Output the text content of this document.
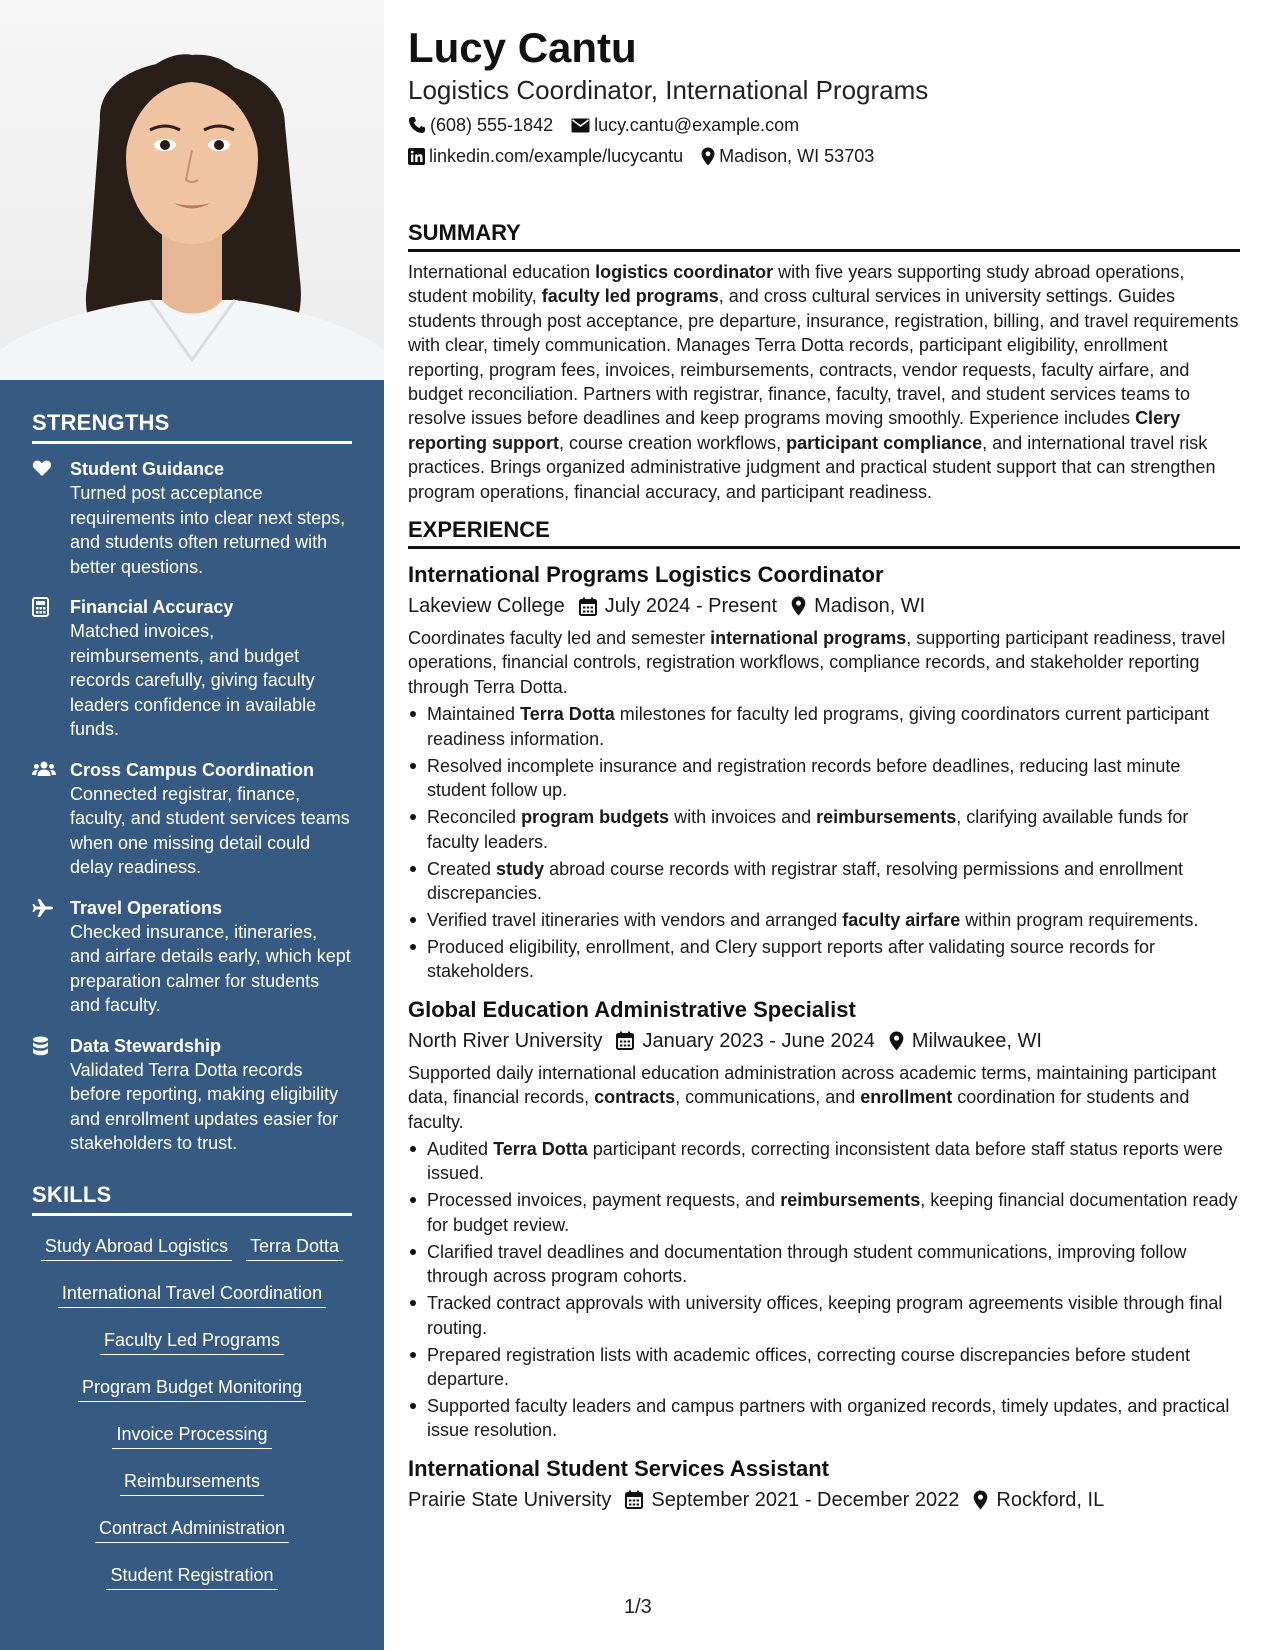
STRENGTHS
Student Guidance
Turned post acceptance requirements into clear next steps, and students often returned with better questions.
Financial Accuracy
Matched invoices, reimbursements, and budget records carefully, giving faculty leaders confidence in available funds.
Cross Campus Coordination
Connected registrar, finance, faculty, and student services teams when one missing detail could delay readiness.
Travel Operations
Checked insurance, itineraries, and airfare details early, which kept preparation calmer for students and faculty.
Data Stewardship
Validated Terra Dotta records before reporting, making eligibility and enrollment updates easier for stakeholders to trust.
SKILLS
Study Abroad Logistics Terra Dotta
International Travel Coordination
Faculty Led Programs
Program Budget Monitoring
Invoice Processing
Reimbursements
Contract Administration
Student Registration
Lucy Cantu
Logistics Coordinator, International Programs
(608) 555-1842 lucy.cantu@example.com
linkedin.com/example/lucycantu Madison, WI 53703
SUMMARY
International education logistics coordinator with five years supporting study abroad operations, student mobility, faculty led programs, and cross cultural services in university settings. Guides students through post acceptance, pre departure, insurance, registration, billing, and travel requirements with clear, timely communication. Manages Terra Dotta records, participant eligibility, enrollment reporting, program fees, invoices, reimbursements, contracts, vendor requests, faculty airfare, and budget reconciliation. Partners with registrar, finance, faculty, travel, and student services teams to resolve issues before deadlines and keep programs moving smoothly. Experience includes Clery reporting support, course creation workflows, participant compliance, and international travel risk practices. Brings organized administrative judgment and practical student support that can strengthen program operations, financial accuracy, and participant readiness.
EXPERIENCE
International Programs Logistics Coordinator
Lakeview College	July 2024 - Present	Madison, WI
Coordinates faculty led and semester international programs, supporting participant readiness, travel operations, financial controls, registration workflows, compliance records, and stakeholder reporting through Terra Dotta.
Maintained Terra Dotta milestones for faculty led programs, giving coordinators current participant readiness information.
Resolved incomplete insurance and registration records before deadlines, reducing last minute student follow up.
Reconciled program budgets with invoices and reimbursements, clarifying available funds for faculty leaders.
Created study abroad course records with registrar staff, resolving permissions and enrollment discrepancies.
Verified travel itineraries with vendors and arranged faculty airfare within program requirements.
Produced eligibility, enrollment, and Clery support reports after validating source records for stakeholders.
Global Education Administrative Specialist
North River University	January 2023 - June 2024	Milwaukee, WI
Supported daily international education administration across academic terms, maintaining participant data, financial records, contracts, communications, and enrollment coordination for students and faculty.
Audited Terra Dotta participant records, correcting inconsistent data before staff status reports were issued.
Processed invoices, payment requests, and reimbursements, keeping financial documentation ready for budget review.
Clarified travel deadlines and documentation through student communications, improving follow through across program cohorts.
Tracked contract approvals with university offices, keeping program agreements visible through final routing.
Prepared registration lists with academic offices, correcting course discrepancies before student departure.
Supported faculty leaders and campus partners with organized records, timely updates, and practical issue resolution.
International Student Services Assistant
Prairie State University	September 2021 - December 2022	Rockford, IL
1/3
